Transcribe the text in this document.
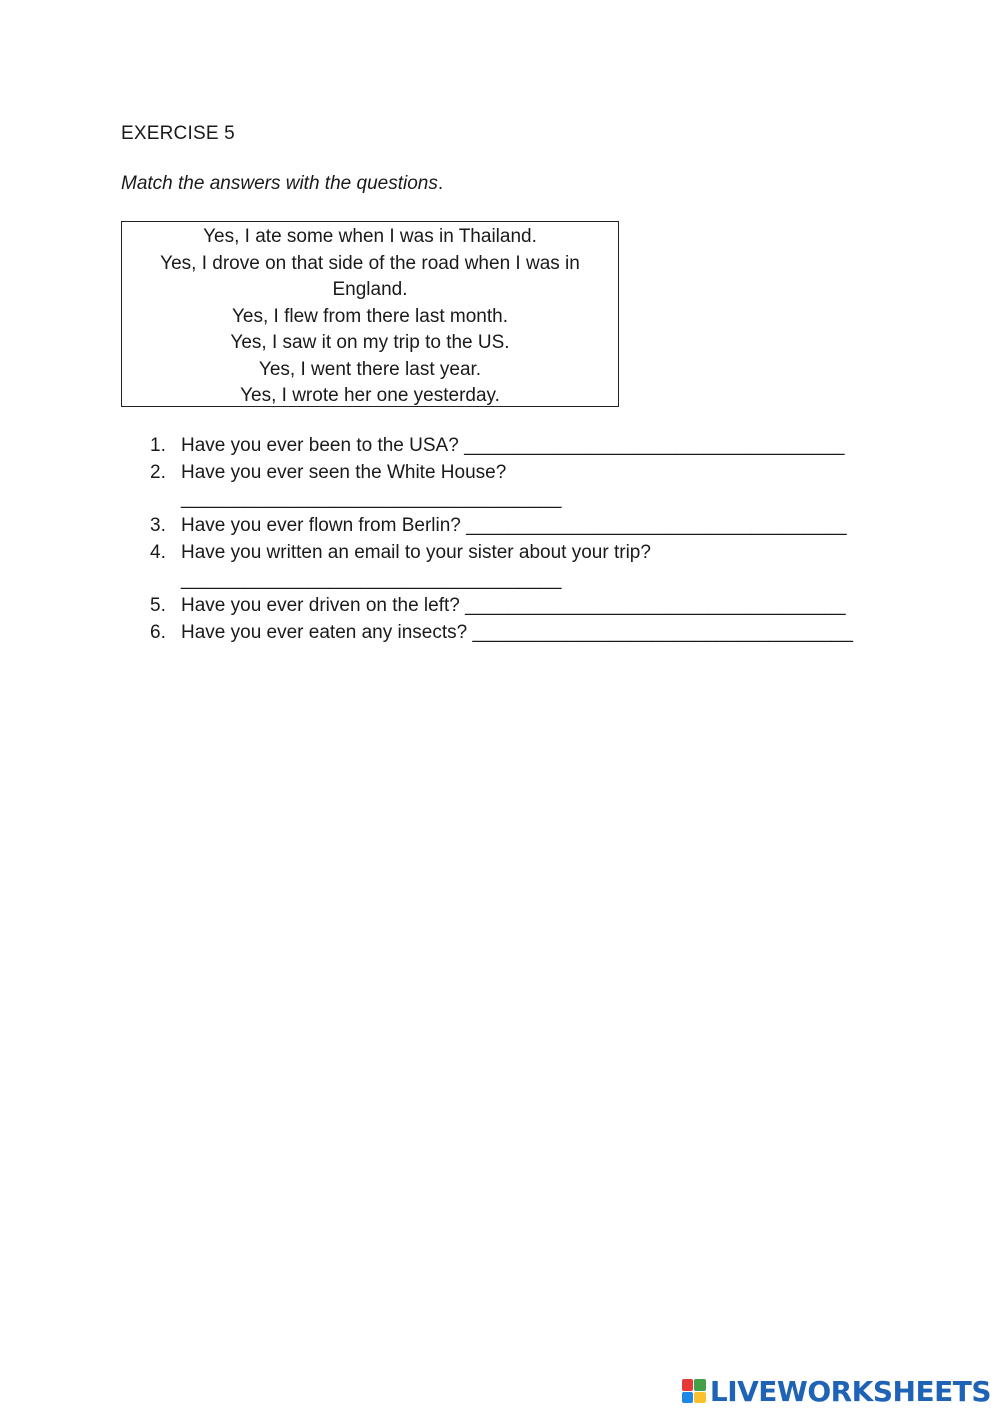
EXERCISE 5
Match the answers with the questions.
Yes, I ate some when I was in Thailand.
Yes, I drove on that side of the road when I was in England.
Yes, I flew from there last month.
Yes, I saw it on my trip to the US.
Yes, I went there last year.
Yes, I wrote her one yesterday.
1. Have you ever been to the USA? ____________________________________
2. Have you ever seen the White House?
____________________________________
3. Have you ever flown from Berlin? ____________________________________
4. Have you written an email to your sister about your trip?
____________________________________
5. Have you ever driven on the left? ____________________________________
6. Have you ever eaten any insects? ____________________________________
LIVEWORKSHEETS
